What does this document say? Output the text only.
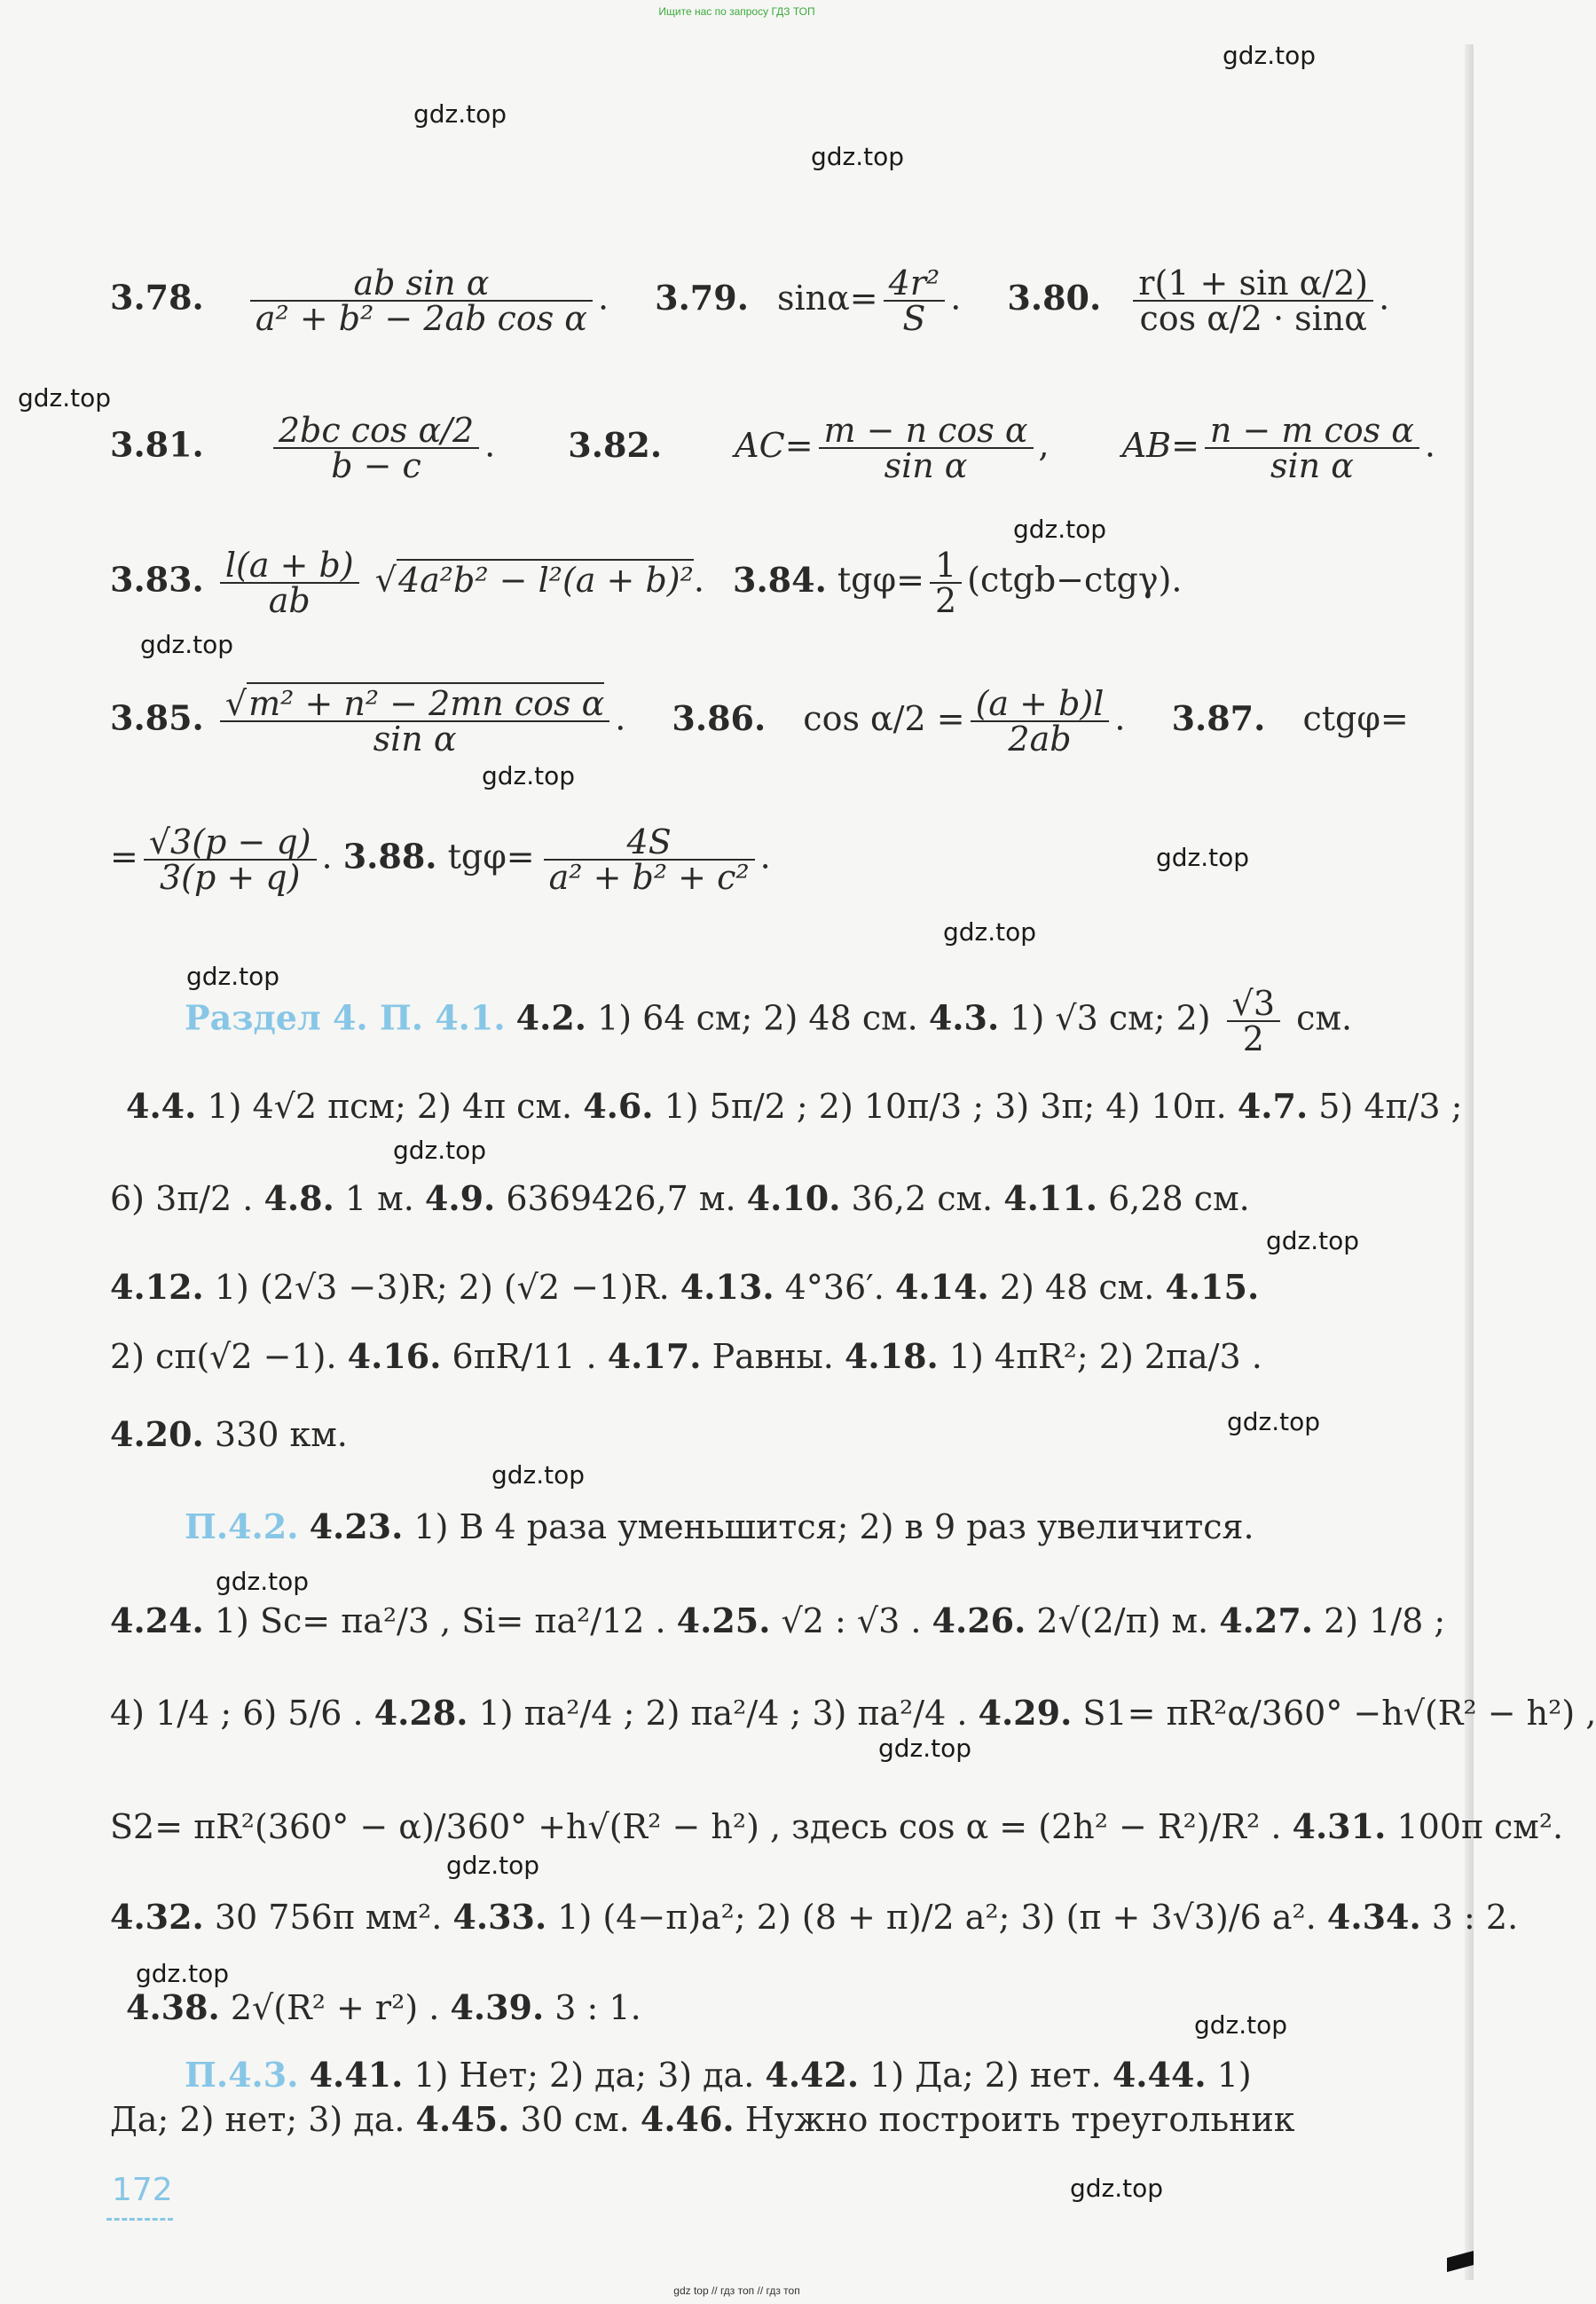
Ищите нас по запросу ГДЗ ТОП
gdz.top
gdz.top
gdz.top
gdz.top
gdz.top
gdz.top
gdz.top
gdz.top
gdz.top
gdz.top
gdz.top
gdz.top
gdz.top
gdz.top
gdz.top
gdz.top
gdz.top
gdz.top
gdz.top
gdz.top
3.78. $\frac{\text{ab sin α}}{\text{a² + b² − 2ab cos α}}$ . 3.79. $\sin\alpha= \frac{\text{4r²}}{S}$ . 3.80. $\frac{\text{r(1 + sin α/2)}}{\text{cos α/2 · sinα}}$ .
3.81. $\frac{\text{2bc cos α/2}}{b - c}$ . 3.82. $AC= \frac{\text{m − n cos α}}{\text{sin α}}$ , $AB= \frac{\text{n − m cos α}}{\text{sin α}}$ .
3.83. $\frac{l(a + b)}{ab} √4a^2b^2 - l^2(a + b)^2$. 3.84. $tg\varphi= \frac{1}{2}$ (ctgb−ctgγ).
3.85. $\frac{\text{√m² + n² − 2mn cos α}}{\text{sin α}}$ . 3.86. $\cos \alpha/2 = \frac{(a + b)l}{2ab}$ . 3.87. ctgφ=
= $\frac{√3(p - q)}{3(p + q)}$ . 3.88. $tg\varphi= \frac{4S}{\text{a² + b² + c²}}$ .
Раздел 4. П. 4.1. 4.2. 1) 64 см; 2) 48 см. 4.3. 1) √3 см; $2) \frac{√3}{2}$ см.
4.4. 1) 4√2 πсм; 2) 4π см. 4.6. 1) 5π/2 ; 2) 10π/3 ; 3) 3π; 4) 10π. 4.7. 5) 4π/3 ;
6) 3π/2 . 4.8. 1 м. 4.9. 6369426,7 м. 4.10. 36,2 см. 4.11. 6,28 см.
4.12. 1) (2√3 −3)R; 2) (√2 −1)R. 4.13. 4°36′. 4.14. 2) 48 см. 4.15.
2) cπ(√2 −1). 4.16. 6πR/11 . 4.17. Равны. 4.18. 1) 4πR²; 2) 2πa/3 .
4.20. 330 км.
П.4.2. 4.23. 1) В 4 раза уменьшится; 2) в 9 раз увеличится.
4.24. 1) Sc= πa²/3 , Si= πa²/12 . 4.25. √2 : √3 . 4.26. 2√(2/π) м. 4.27. 2) 1/8 ;
4) 1/4 ; 6) 5/6 . 4.28. 1) πa²/4 ; 2) πa²/4 ; 3) πa²/4 . 4.29. S1= πR²α/360° −h√(R² − h²) ,
S2= πR²(360° − α)/360° +h√(R² − h²) , здесь cos α = (2h² − R²)/R² . 4.31. 100π см².
4.32. 30 756π мм². 4.33. 1) (4−π)a²; 2) (8 + π)/2 a²; 3) (π + 3√3)/6 a². 4.34. 3 : 2.
4.38. 2√(R² + r²) . 4.39. 3 : 1.
П.4.3. 4.41. 1) Нет; 2) да; 3) да. 4.42. 1) Да; 2) нет. 4.44. 1)
Да; 2) нет; 3) да. 4.45. 30 см. 4.46. Нужно построить треугольник
172
gdz top // гдз топ // гдз топ
